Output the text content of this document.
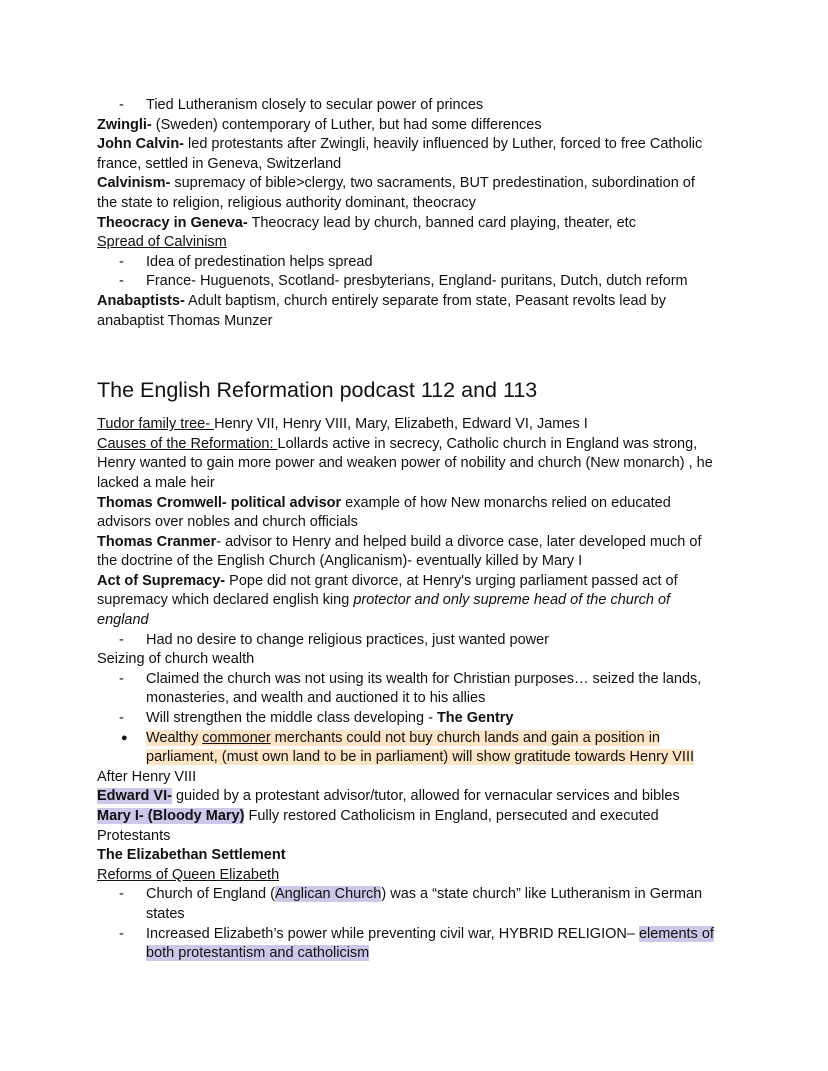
- Tied Lutheranism closely to secular power of princes
Zwingli- (Sweden) contemporary of Luther, but had some differences
John Calvin- led protestants after Zwingli, heavily influenced by Luther, forced to free Catholic france, settled in Geneva, Switzerland
Calvinism- supremacy of bible>clergy, two sacraments, BUT predestination, subordination of the state to religion, religious authority dominant, theocracy
Theocracy in Geneva- Theocracy lead by church, banned card playing, theater, etc
Spread of Calvinism
- Idea of predestination helps spread
- France- Huguenots, Scotland- presbyterians, England- puritans, Dutch, dutch reform
Anabaptists- Adult baptism, church entirely separate from state, Peasant revolts lead by anabaptist Thomas Munzer
The English Reformation podcast 112 and 113
Tudor family tree- Henry VII, Henry VIII, Mary, Elizabeth, Edward VI, James I
Causes of the Reformation: Lollards active in secrecy, Catholic church in England was strong, Henry wanted to gain more power and weaken power of nobility and church (New monarch) , he lacked a male heir
Thomas Cromwell- political advisor example of how New monarchs relied on educated advisors over nobles and church officials
Thomas Cranmer- advisor to Henry and helped build a divorce case, later developed much of the doctrine of the English Church (Anglicanism)- eventually killed by Mary I
Act of Supremacy- Pope did not grant divorce, at Henry's urging parliament passed act of supremacy which declared english king protector and only supreme head of the church of england
- Had no desire to change religious practices, just wanted power
Seizing of church wealth
- Claimed the church was not using its wealth for Christian purposes… seized the lands, monasteries, and wealth and auctioned it to his allies
- Will strengthen the middle class developing - The Gentry
● Wealthy commoner merchants could not buy church lands and gain a position in parliament, (must own land to be in parliament) will show gratitude towards Henry VIII
After Henry VIII
Edward VI- guided by a protestant advisor/tutor, allowed for vernacular services and bibles
Mary I- (Bloody Mary) Fully restored Catholicism in England, persecuted and executed Protestants
The Elizabethan Settlement
Reforms of Queen Elizabeth
- Church of England (Anglican Church) was a “state church” like Lutheranism in German states
- Increased Elizabeth’s power while preventing civil war, HYBRID RELIGION– elements of both protestantism and catholicism
